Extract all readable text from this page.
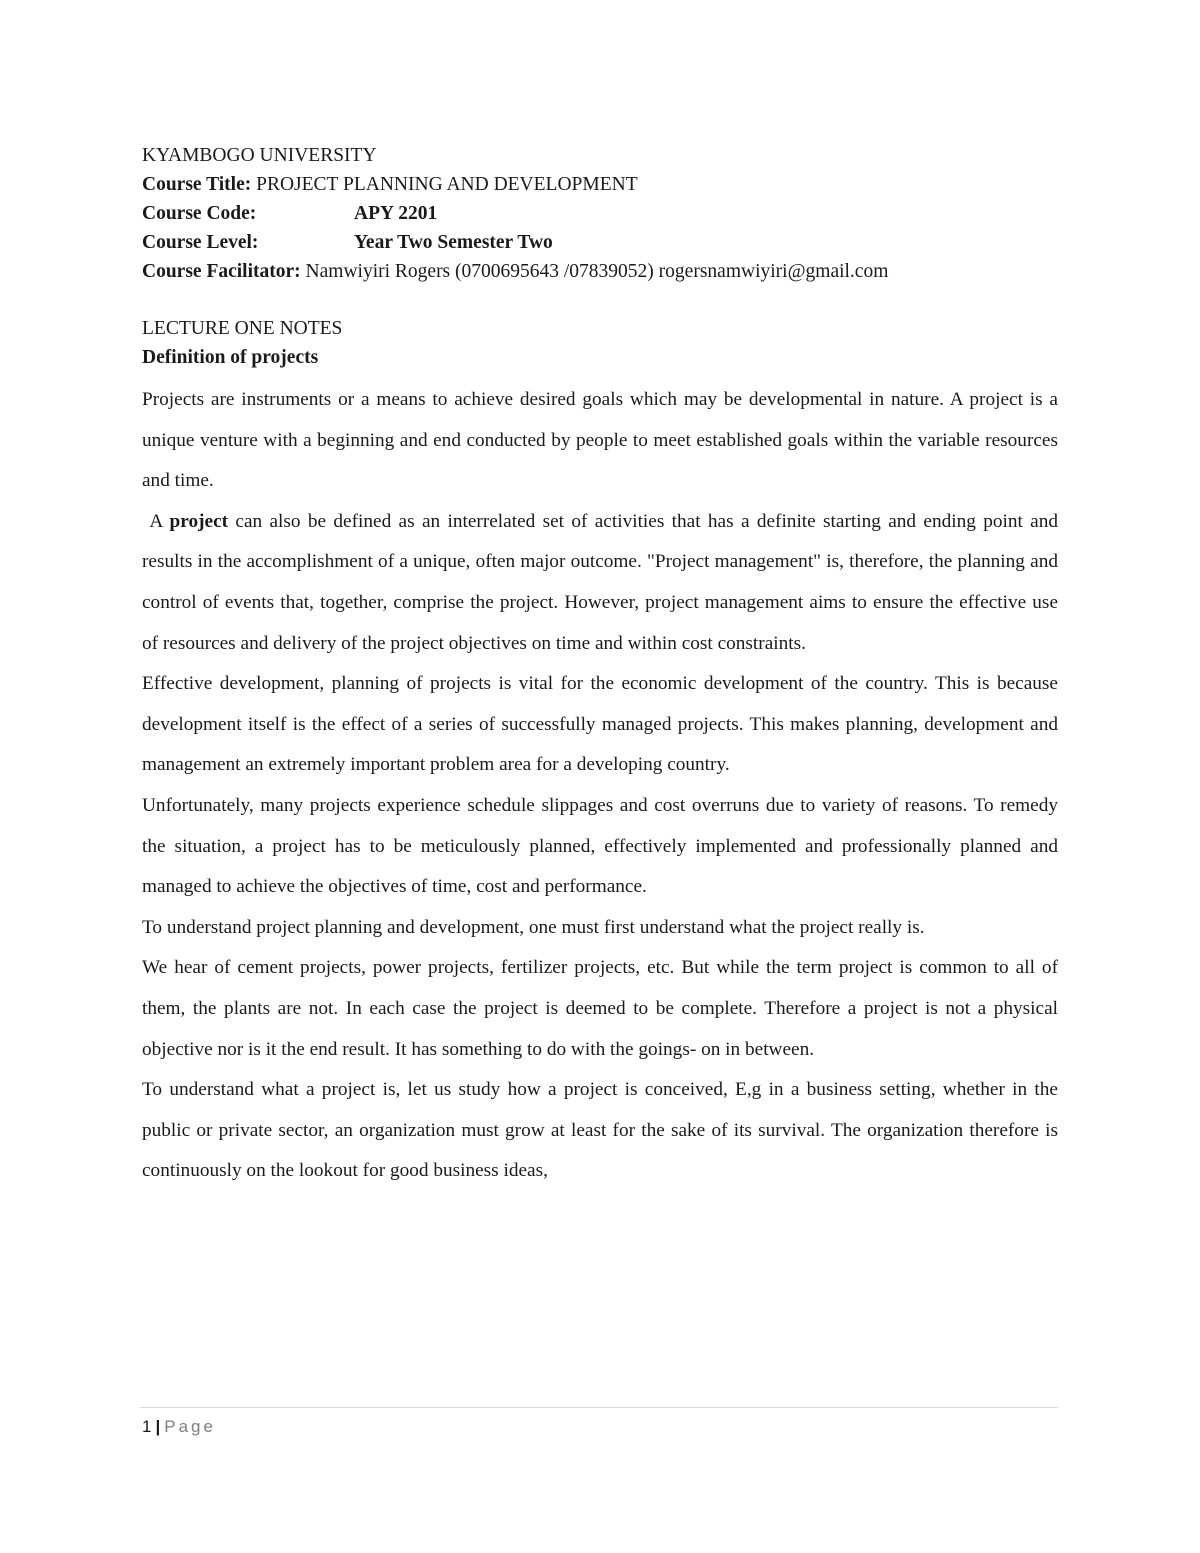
KYAMBOGO UNIVERSITY
Course Title:
PROJECT PLANNING AND DEVELOPMENT
Course Code:	APY 2201
Course Level:	Year Two Semester Two
Course Facilitator:
Namwiyiri Rogers (0700695643 /07839052) rogersnamwiyiri@gmail.com
LECTURE ONE NOTES
Definition of projects

Projects are instruments or a means to achieve desired goals which may be developmental in nature. A project is a unique venture with a beginning and end conducted by people to meet established goals within the variable resources and time.

A project can also be defined as an interrelated set of activities that has a definite starting and ending point and results in the accomplishment of a unique, often major outcome. "Project management" is, therefore, the planning and control of events that, together, comprise the project. However, project management aims to ensure the effective use of resources and delivery of the project objectives on time and within cost constraints.

Effective development, planning of projects is vital for the economic development of the country. This is because development itself is the effect of a series of successfully managed projects. This makes planning, development and management an extremely important problem area for a developing country.

Unfortunately, many projects experience schedule slippages and cost overruns due to variety of reasons. To remedy the situation, a project has to be meticulously planned, effectively implemented and professionally planned and managed to achieve the objectives of time, cost and performance.

To understand project planning and development, one must first understand what the project really is.

We hear of cement projects, power projects, fertilizer projects, etc. But while the term project is common to all of them, the plants are not. In each case the project is deemed to be complete. Therefore a project is not a physical objective nor is it the end result. It has something to do with the goings- on in between.

To understand what a project is, let us study how a project is conceived, E,g in a business setting, whether in the public or private sector, an organization must grow at least for the sake of its survival. The organization therefore is continuously on the lookout for good business ideas,

1 | Page
